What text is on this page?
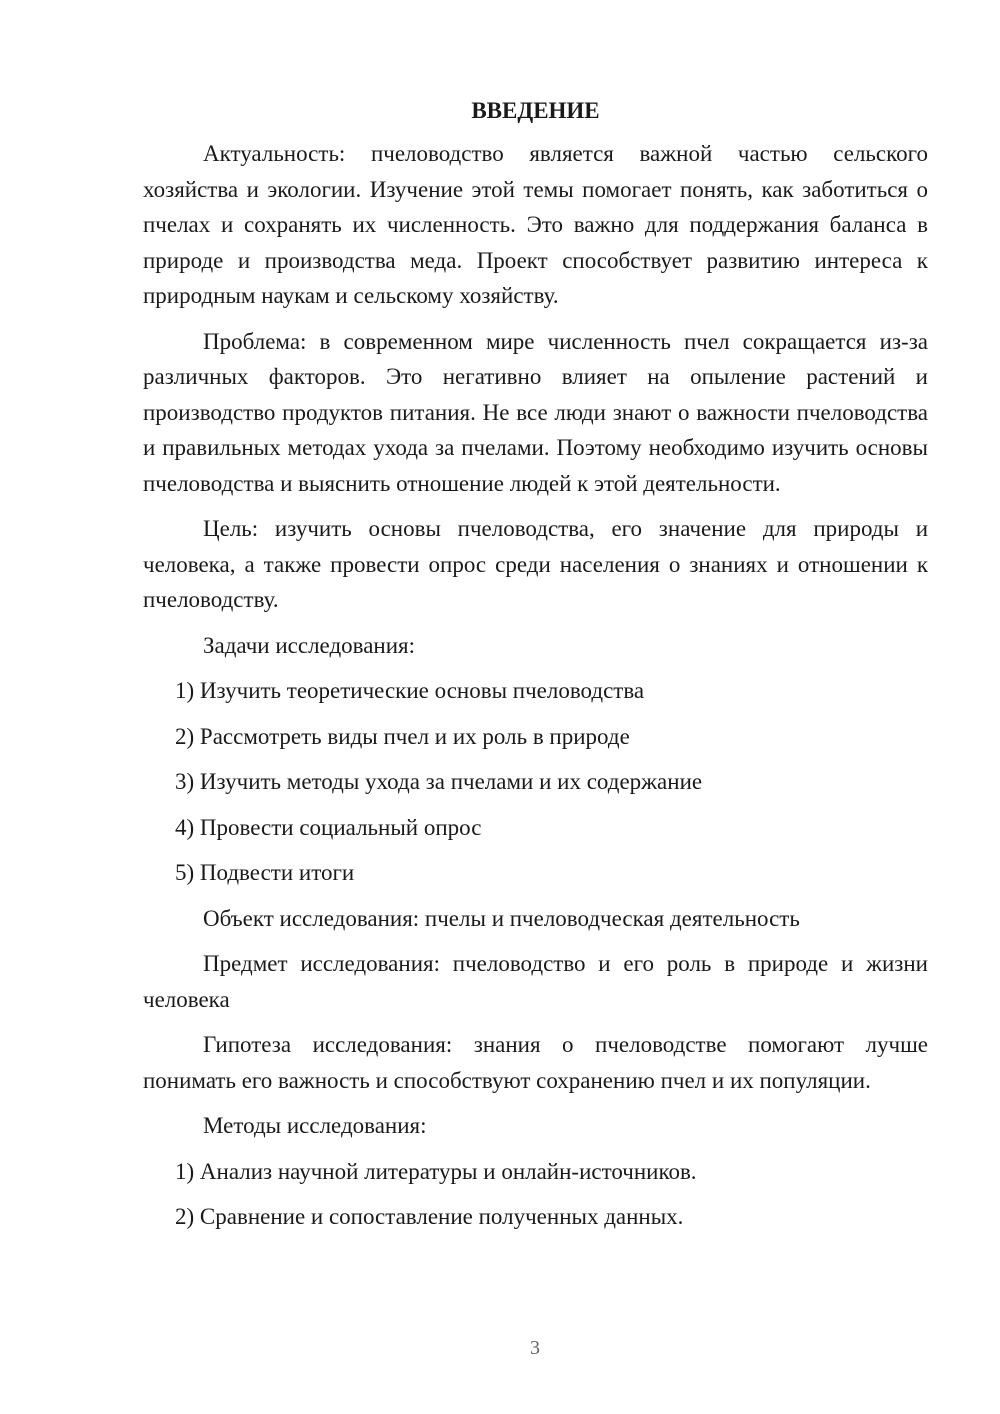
ВВЕДЕНИЕ

Актуальность: пчеловодство является важной частью сельского хозяйства и экологии. Изучение этой темы помогает понять, как заботиться о пчелах и сохранять их численность. Это важно для поддержания баланса в природе и производства меда. Проект способствует развитию интереса к природным наукам и сельскому хозяйству.

Проблема: в современном мире численность пчел сокращается из-за различных факторов. Это негативно влияет на опыление растений и производство продуктов питания. Не все люди знают о важности пчеловодства и правильных методах ухода за пчелами. Поэтому необходимо изучить основы пчеловодства и выяснить отношение людей к этой деятельности.

Цель: изучить основы пчеловодства, его значение для природы и человека, а также провести опрос среди населения о знаниях и отношении к пчеловодству.

Задачи исследования:
1) Изучить теоретические основы пчеловодства
2) Рассмотреть виды пчел и их роль в природе
3) Изучить методы ухода за пчелами и их содержание
4) Провести социальный опрос
5) Подвести итоги
Объект исследования: пчелы и пчеловодческая деятельность

Предмет исследования: пчеловодство и его роль в природе и жизни человека

Гипотеза исследования: знания о пчеловодстве помогают лучше понимать его важность и способствуют сохранению пчел и их популяции.

Методы исследования:
1) Анализ научной литературы и онлайн-источников.
2) Сравнение и сопоставление полученных данных.
3
